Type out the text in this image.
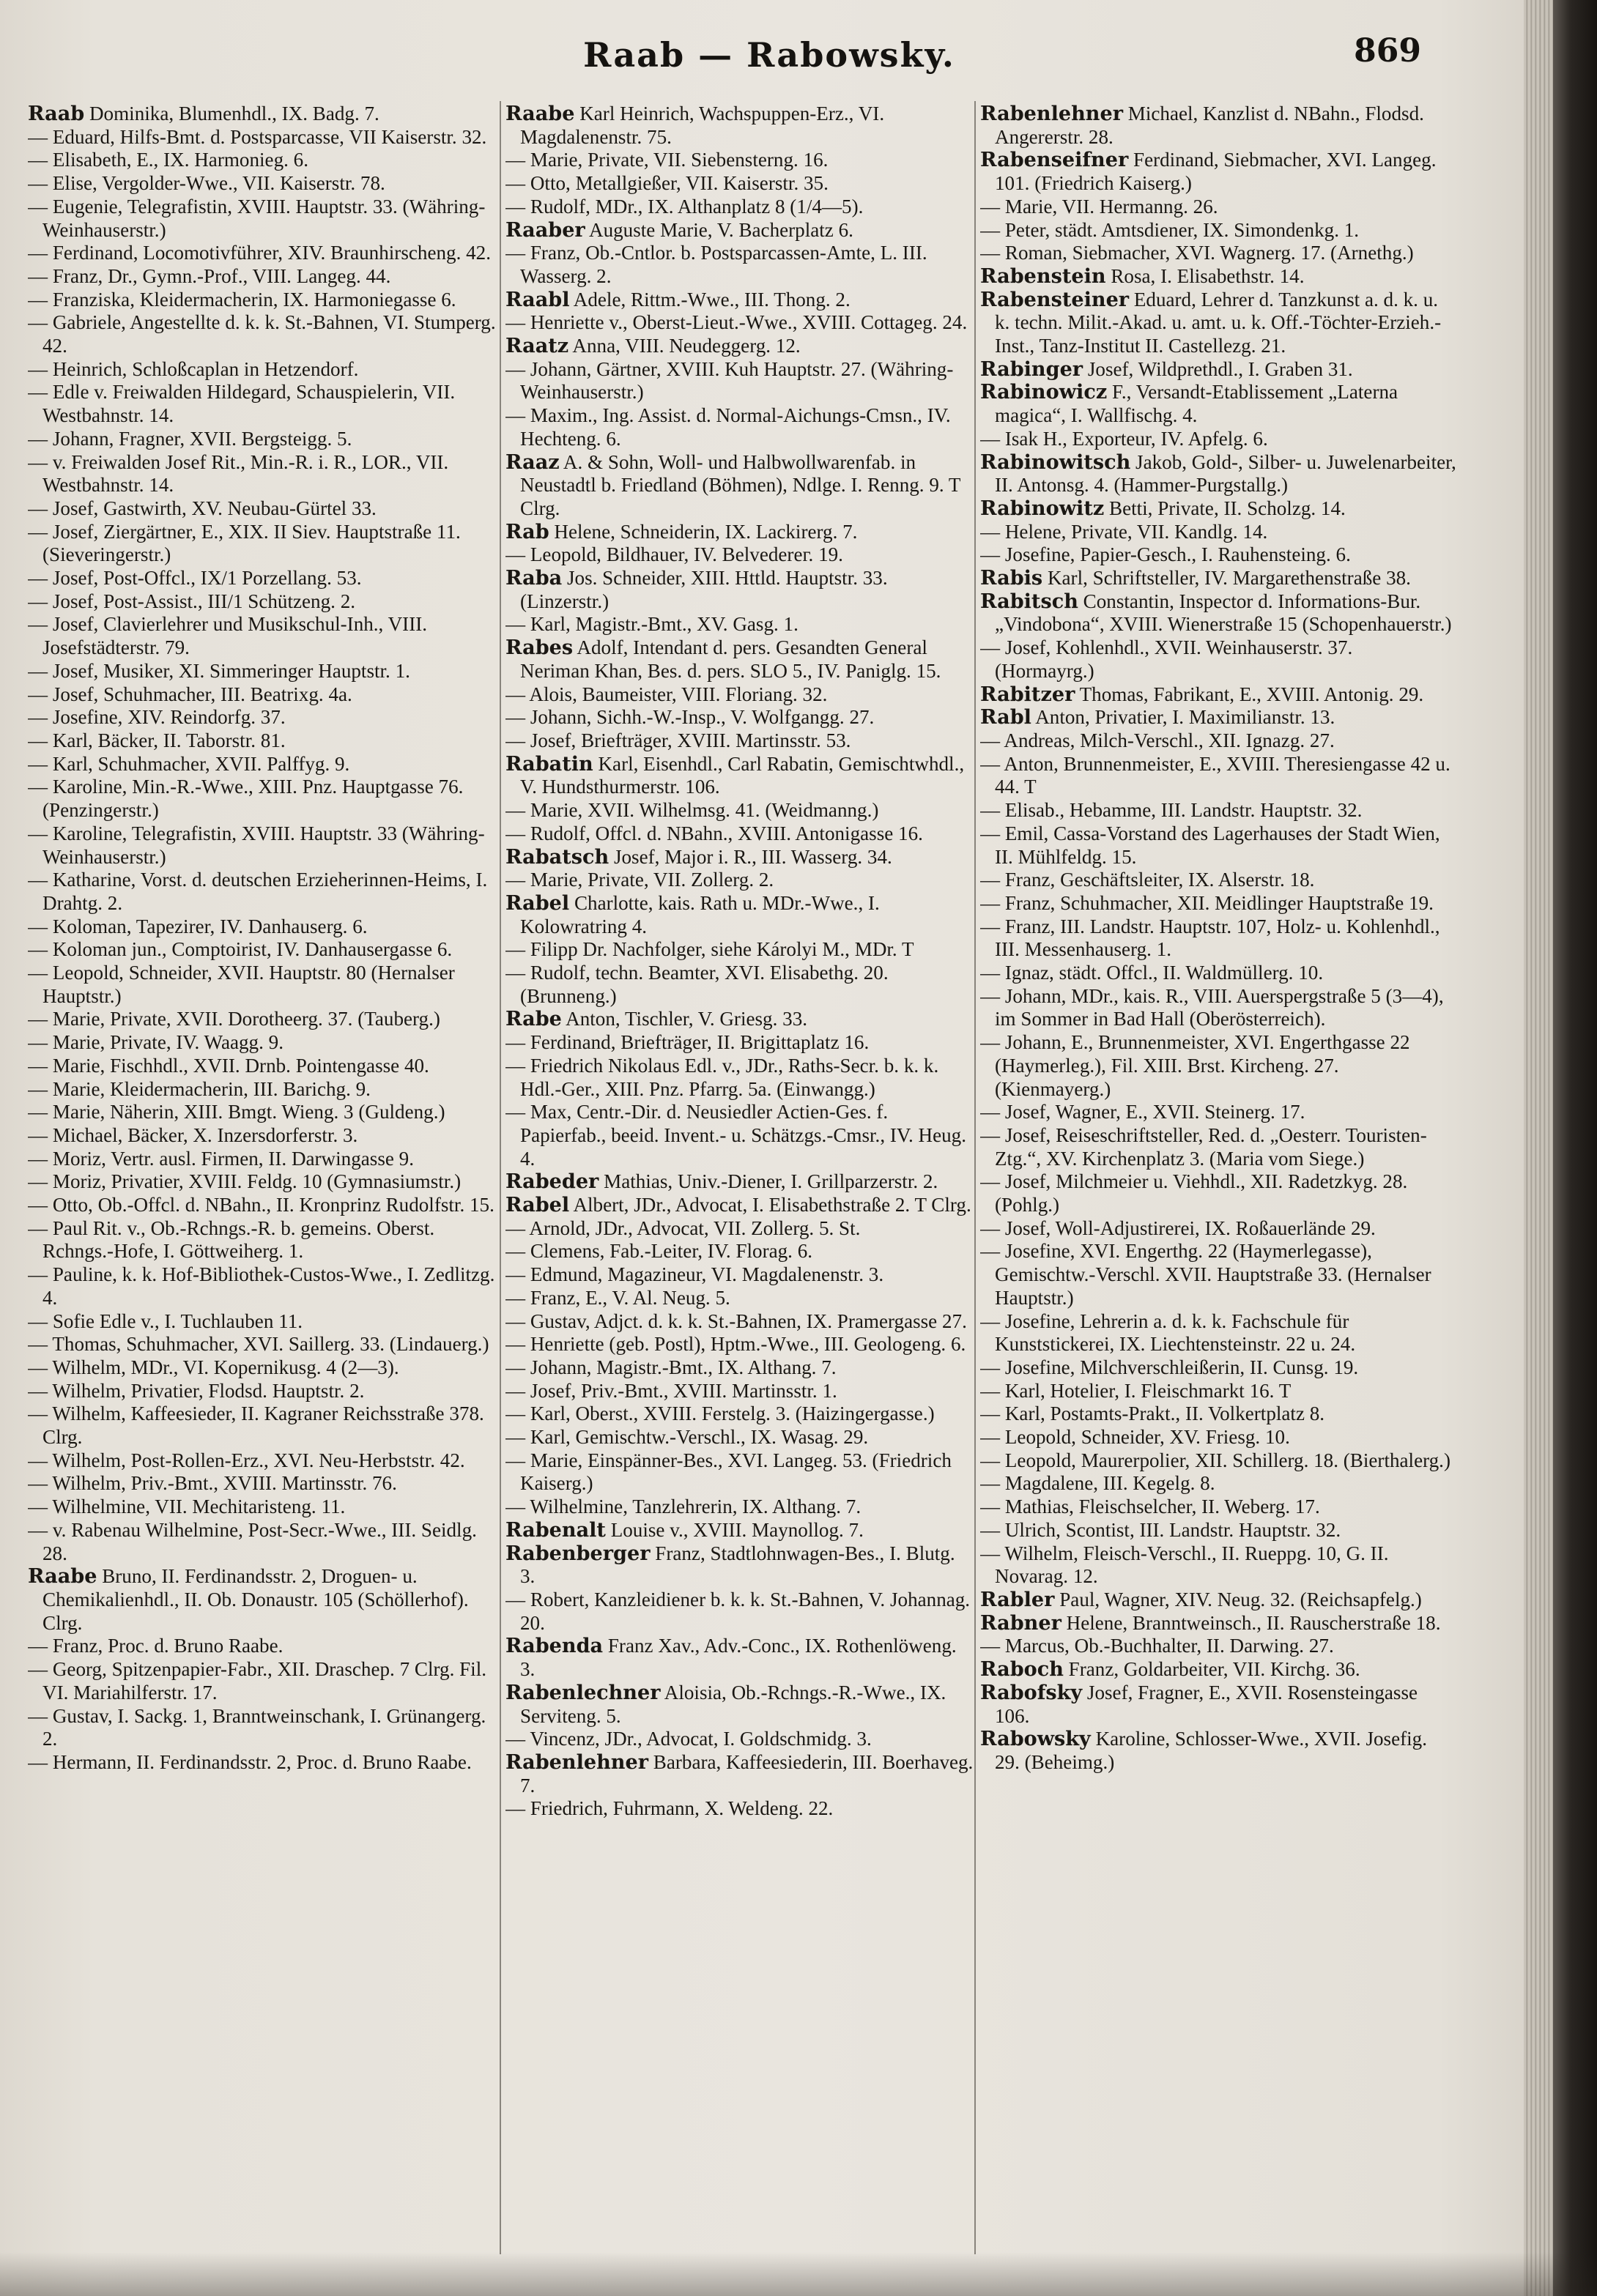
Raab — Rabowsky.	869

Raab Dominika, Blumenhdl., IX. Badg. 7.

— Eduard, Hilfs-Bmt. d. Postsparcasse, VII Kaiserstr. 32.

— Elisabeth, E., IX. Harmonieg. 6.

— Elise, Vergolder-Wwe., VII. Kaiserstr. 78.

— Eugenie, Telegrafistin, XVIII. Hauptstr. 33. (Währing-Weinhauserstr.)

— Ferdinand, Locomotivführer, XIV. Braunhirscheng. 42.

— Franz, Dr., Gymn.-Prof., VIII. Langeg. 44.

— Franziska, Kleidermacherin, IX. Harmoniegasse 6.

— Gabriele, Angestellte d. k. k. St.-Bahnen, VI. Stumperg. 42.

— Heinrich, Schloßcaplan in Hetzendorf.

— Edle v. Freiwalden Hildegard, Schauspielerin, VII. Westbahnstr. 14.

— Johann, Fragner, XVII. Bergsteigg. 5.

— v. Freiwalden Josef Rit., Min.-R. i. R., LOR., VII. Westbahnstr. 14.

— Josef, Gastwirth, XV. Neubau-Gürtel 33.

— Josef, Ziergärtner, E., XIX. II Siev. Hauptstraße 11. (Sieveringerstr.)

— Josef, Post-Offcl., IX/1 Porzellang. 53.

— Josef, Post-Assist., III/1 Schützeng. 2.

— Josef, Clavierlehrer und Musikschul-Inh., VIII. Josefstädterstr. 79.

— Josef, Musiker, XI. Simmeringer Hauptstr. 1.

— Josef, Schuhmacher, III. Beatrixg. 4a.

— Josefine, XIV. Reindorfg. 37.

— Karl, Bäcker, II. Taborstr. 81.

— Karl, Schuhmacher, XVII. Palffyg. 9.

— Karoline, Min.-R.-Wwe., XIII. Pnz. Hauptgasse 76. (Penzingerstr.)

— Karoline, Telegrafistin, XVIII. Hauptstr. 33 (Währing-Weinhauserstr.)

— Katharine, Vorst. d. deutschen Erzieherinnen-Heims, I. Drahtg. 2.

— Koloman, Tapezirer, IV. Danhauserg. 6.

— Koloman jun., Comptoirist, IV. Danhausergasse 6.

— Leopold, Schneider, XVII. Hauptstr. 80 (Hernalser Hauptstr.)

— Marie, Private, XVII. Dorotheerg. 37. (Tauberg.)

— Marie, Private, IV. Waagg. 9.

— Marie, Fischhdl., XVII. Drnb. Pointengasse 40.

— Marie, Kleidermacherin, III. Barichg. 9.

— Marie, Näherin, XIII. Bmgt. Wieng. 3 (Guldeng.)

— Michael, Bäcker, X. Inzersdorferstr. 3.

— Moriz, Vertr. ausl. Firmen, II. Darwingasse 9.

— Moriz, Privatier, XVIII. Feldg. 10 (Gymnasiumstr.)

— Otto, Ob.-Offcl. d. NBahn., II. Kronprinz Rudolfstr. 15.

— Paul Rit. v., Ob.-Rchngs.-R. b. gemeins. Oberst. Rchngs.-Hofe, I. Göttweiherg. 1.

— Pauline, k. k. Hof-Bibliothek-Custos-Wwe., I. Zedlitzg. 4.

— Sofie Edle v., I. Tuchlauben 11.

— Thomas, Schuhmacher, XVI. Saillerg. 33. (Lindauerg.)

— Wilhelm, MDr., VI. Kopernikusg. 4 (2—3).

— Wilhelm, Privatier, Flodsd. Hauptstr. 2.

— Wilhelm, Kaffeesieder, II. Kagraner Reichsstraße 378. Clrg.

— Wilhelm, Post-Rollen-Erz., XVI. Neu-Herbststr. 42.

— Wilhelm, Priv.-Bmt., XVIII. Martinsstr. 76.

— Wilhelmine, VII. Mechitaristeng. 11.

— v. Rabenau Wilhelmine, Post-Secr.-Wwe., III. Seidlg. 28.

Raabe Bruno, II. Ferdinandsstr. 2, Droguen- u. Chemikalienhdl., II. Ob. Donaustr. 105 (Schöllerhof). Clrg.

— Franz, Proc. d. Bruno Raabe.

— Georg, Spitzenpapier-Fabr., XII. Draschep. 7 Clrg. Fil. VI. Mariahilferstr. 17.

— Gustav, I. Sackg. 1, Branntweinschank, I. Grünangerg. 2.

— Hermann, II. Ferdinandsstr. 2, Proc. d. Bruno Raabe.

Raabe Karl Heinrich, Wachspuppen-Erz., VI. Magdalenenstr. 75.

— Marie, Private, VII. Siebensterng. 16.

— Otto, Metallgießer, VII. Kaiserstr. 35.

— Rudolf, MDr., IX. Althanplatz 8 (1/4—5).

Raaber Auguste Marie, V. Bacherplatz 6.

— Franz, Ob.-Cntlor. b. Postsparcassen-Amte, L. III. Wasserg. 2.

Raabl Adele, Rittm.-Wwe., III. Thong. 2.

— Henriette v., Oberst-Lieut.-Wwe., XVIII. Cottageg. 24.

Raatz Anna, VIII. Neudeggerg. 12.

— Johann, Gärtner, XVIII. Kuh Hauptstr. 27. (Währing-Weinhauserstr.)

— Maxim., Ing. Assist. d. Normal-Aichungs-Cmsn., IV. Hechteng. 6.

Raaz A. & Sohn, Woll- und Halbwollwarenfab. in Neustadtl b. Friedland (Böhmen), Ndlge. I. Renng. 9. T Clrg.

Rab Helene, Schneiderin, IX. Lackirerg. 7.

— Leopold, Bildhauer, IV. Belvederег. 19.

Raba Jos. Schneider, XIII. Httld. Hauptstr. 33. (Linzerstr.)

— Karl, Magistr.-Bmt., XV. Gasg. 1.

Rabes Adolf, Intendant d. pers. Gesandten General Neriman Khan, Bes. d. pers. SLO 5., IV. Paniglg. 15.

— Alois, Baumeister, VIII. Floriang. 32.

— Johann, Sichh.-W.-Insp., V. Wolfgangg. 27.

— Josef, Briefträger, XVIII. Martinsstr. 53.

Rabatin Karl, Eisenhdl., Carl Rabatin, Gemischtwhdl., V. Hundsthurmerstr. 106.

— Marie, XVII. Wilhelmsg. 41. (Weidmanng.)

— Rudolf, Offcl. d. NBahn., XVIII. Antonigasse 16.

Rabatsch Josef, Major i. R., III. Wasserg. 34.

— Marie, Private, VII. Zollerg. 2.

Rabel Charlotte, kais. Rath u. MDr.-Wwe., I. Kolowratring 4.

— Filipp Dr. Nachfolger, siehe Károlyi M., MDr. T

— Rudolf, techn. Beamter, XVI. Elisabethg. 20. (Brunneng.)

Rabe Anton, Tischler, V. Griesg. 33.

— Ferdinand, Briefträger, II. Brigittaplatz 16.

— Friedrich Nikolaus Edl. v., JDr., Raths-Secr. b. k. k. Hdl.-Ger., XIII. Pnz. Pfarrg. 5a. (Einwangg.)

— Max, Centr.-Dir. d. Neusiedler Actien-Ges. f. Papierfab., beeid. Invent.- u. Schätzgs.-Cmsr., IV. Heug. 4.

Rabeder Mathias, Univ.-Diener, I. Grillparzerstr. 2.

Rabel Albert, JDr., Advocat, I. Elisabethstraße 2. T Clrg.

— Arnold, JDr., Advocat, VII. Zollerg. 5. St.

— Clemens, Fab.-Leiter, IV. Florag. 6.

— Edmund, Magazineur, VI. Magdalenenstr. 3.

— Franz, E., V. Al. Neug. 5.

— Gustav, Adjct. d. k. k. St.-Bahnen, IX. Pramergasse 27.

— Henriette (geb. Postl), Hptm.-Wwe., III. Geologeng. 6.

— Johann, Magistr.-Bmt., IX. Althang. 7.

— Josef, Priv.-Bmt., XVIII. Martinsstr. 1.

— Karl, Oberst., XVIII. Ferstelg. 3. (Haizingergasse.)

— Karl, Gemischtw.-Verschl., IX. Wasag. 29.

— Marie, Einspänner-Bes., XVI. Langeg. 53. (Friedrich Kaiserg.)

— Wilhelmine, Tanzlehrerin, IX. Althang. 7.

Rabenalt Louise v., XVIII. Maynollog. 7.

Rabenberger Franz, Stadtlohnwagen-Bes., I. Blutg. 3.

— Robert, Kanzleidiener b. k. k. St.-Bahnen, V. Johannag. 20.

Rabenda Franz Xav., Adv.-Conc., IX. Rothenlöweng. 3.

Rabenlechner Aloisia, Ob.-Rchngs.-R.-Wwe., IX. Serviteng. 5.

— Vincenz, JDr., Advocat, I. Goldschmidg. 3.

Rabenlehner Barbara, Kaffeesiederin, III. Boerhaveg. 7.

— Friedrich, Fuhrmann, X. Weldeng. 22.

Rabenlehner Michael, Kanzlist d. NBahn., Flodsd. Angererstr. 28.

Rabenseifner Ferdinand, Siebmacher, XVI. Langeg. 101. (Friedrich Kaiserg.)

— Marie, VII. Hermanng. 26.

— Peter, städt. Amtsdiener, IX. Simondenkg. 1.

— Roman, Siebmacher, XVI. Wagnerg. 17. (Arnethg.)

Rabenstein Rosa, I. Elisabethstr. 14.

Rabensteiner Eduard, Lehrer d. Tanzkunst a. d. k. u. k. techn. Milit.-Akad. u. amt. u. k. Off.-Töchter-Erzieh.-Inst., Tanz-Institut II. Castellezg. 21.

Rabinger Josef, Wildprethdl., I. Graben 31.

Rabinowicz F., Versandt-Etablissement „Laterna magica“, I. Wallfischg. 4.

— Isak H., Exporteur, IV. Apfelg. 6.

Rabinowitsch Jakob, Gold-, Silber- u. Juwelenarbeiter, II. Antonsg. 4. (Hammer-Purgstallg.)

Rabinowitz Betti, Private, II. Scholzg. 14.

— Helene, Private, VII. Kandlg. 14.

— Josefine, Papier-Gesch., I. Rauhensteing. 6.

Rabis Karl, Schriftsteller, IV. Margarethenstraße 38.

Rabitsch Constantin, Inspector d. Informations-Bur. „Vindobona“, XVIII. Wienerstraße 15 (Schopenhauerstr.)

— Josef, Kohlenhdl., XVII. Weinhauserstr. 37. (Hormayrg.)

Rabitzer Thomas, Fabrikant, E., XVIII. Antonig. 29.

Rabl Anton, Privatier, I. Maximilianstr. 13.

— Andreas, Milch-Verschl., XII. Ignazg. 27.

— Anton, Brunnenmeister, E., XVIII. Theresiengasse 42 u. 44. T

— Elisab., Hebamme, III. Landstr. Hauptstr. 32.

— Emil, Cassa-Vorstand des Lagerhauses der Stadt Wien, II. Mühlfeldg. 15.

— Franz, Geschäftsleiter, IX. Alserstr. 18.

— Franz, Schuhmacher, XII. Meidlinger Hauptstraße 19.

— Franz, III. Landstr. Hauptstr. 107, Holz- u. Kohlenhdl., III. Messenhauserg. 1.

— Ignaz, städt. Offcl., II. Waldmüllerg. 10.

— Johann, MDr., kais. R., VIII. Auerspergstraße 5 (3—4), im Sommer in Bad Hall (Oberösterreich).

— Johann, E., Brunnenmeister, XVI. Engerthgasse 22 (Haymerleg.), Fil. XIII. Brst. Kircheng. 27. (Kienmayerg.)

— Josef, Wagner, E., XVII. Steinerg. 17.

— Josef, Reiseschriftsteller, Red. d. „Oesterr. Touristen-Ztg.“, XV. Kirchenplatz 3. (Maria vom Siege.)

— Josef, Milchmeier u. Viehhdl., XII. Radetzkyg. 28. (Pohlg.)

— Josef, Woll-Adjustirerei, IX. Roßauerlände 29.

— Josefine, XVI. Engerthg. 22 (Haymerlegasse), Gemischtw.-Verschl. XVII. Hauptstraße 33. (Hernalser Hauptstr.)

— Josefine, Lehrerin a. d. k. k. Fachschule für Kunststickerei, IX. Liechtensteinstr. 22 u. 24.

— Josefine, Milchverschleißerin, II. Cunsg. 19.

— Karl, Hotelier, I. Fleischmarkt 16. T

— Karl, Postamts-Prakt., II. Volkertplatz 8.

— Leopold, Schneider, XV. Friesg. 10.

— Leopold, Maurerpolier, XII. Schillerg. 18. (Bierthalerg.)

— Magdalene, III. Kegelg. 8.

— Mathias, Fleischselcher, II. Weberg. 17.

— Ulrich, Scontist, III. Landstr. Hauptstr. 32.

— Wilhelm, Fleisch-Verschl., II. Rueppg. 10, G. II. Novarag. 12.

Rabler Paul, Wagner, XIV. Neug. 32. (Reichsapfelg.)

Rabner Helene, Branntweinsch., II. Rauscherstraße 18.

— Marcus, Ob.-Buchhalter, II. Darwing. 27.

Raboch Franz, Goldarbeiter, VII. Kirchg. 36.

Rabofsky Josef, Fragner, E., XVII. Rosensteingasse 106.

Rabowsky Karoline, Schlosser-Wwe., XVII. Josefig. 29. (Beheimg.)
